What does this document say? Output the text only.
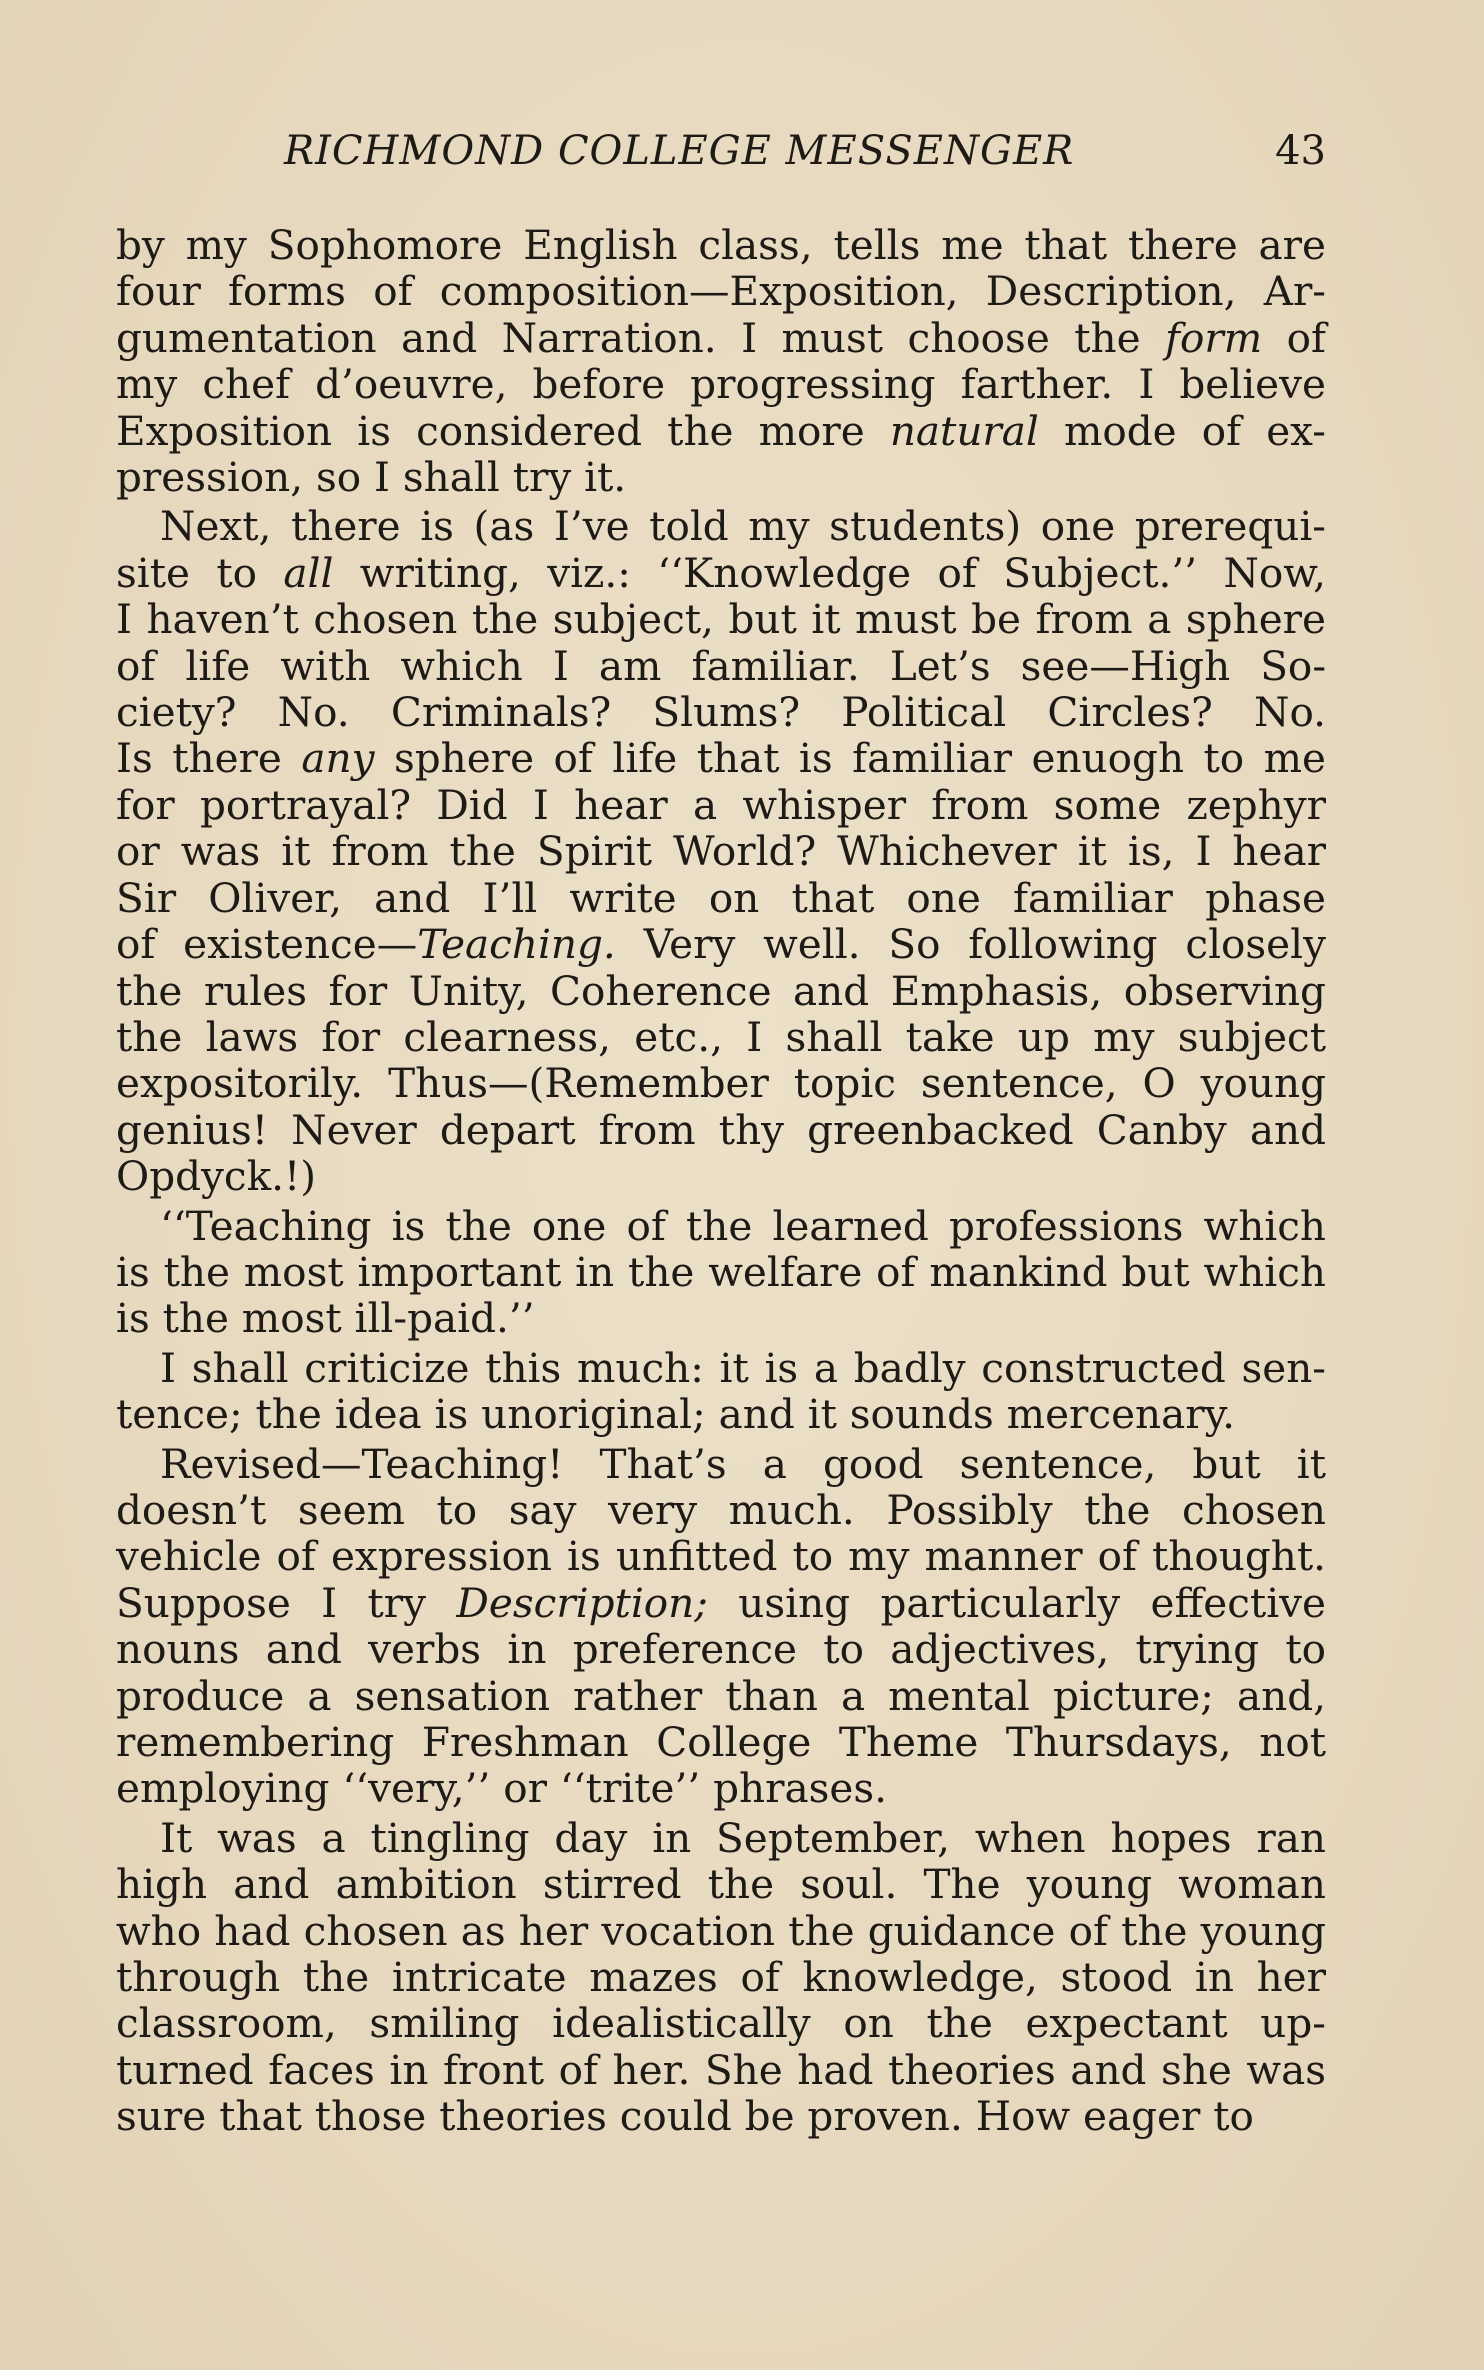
RICHMOND COLLEGE MESSENGER	43
by my Sophomore English class, tells me that there are
four forms of composition—Exposition, Description, Ar-
gumentation and Narration. I must choose the form of
my chef d’oeuvre, before progressing farther. I believe
Exposition is considered the more natural mode of ex-
pression, so I shall try it.
Next, there is (as I’ve told my students) one prerequi-
site to all writing, viz.: ‘‘Knowledge of Subject.’’ Now,
I haven’t chosen the subject, but it must be from a sphere
of life with which I am familiar. Let’s see—High So-
ciety? No. Criminals? Slums? Political Circles? No.
Is there any sphere of life that is familiar enuogh to me
for portrayal? Did I hear a whisper from some zephyr
or was it from the Spirit World? Whichever it is, I hear
Sir Oliver, and I’ll write on that one familiar phase
of existence—Teaching. Very well. So following closely
the rules for Unity, Coherence and Emphasis, observing
the laws for clearness, etc., I shall take up my subject
expositorily. Thus—(Remember topic sentence, O young
genius! Never depart from thy greenbacked Canby and
Opdyck.!)
‘‘Teaching is the one of the learned professions which
is the most important in the welfare of mankind but which
is the most ill-paid.’’
I shall criticize this much: it is a badly constructed sen-
tence; the idea is unoriginal; and it sounds mercenary.
Revised—Teaching! That’s a good sentence, but it
doesn’t seem to say very much. Possibly the chosen
vehicle of expression is unfitted to my manner of thought.
Suppose I try Description; using particularly effective
nouns and verbs in preference to adjectives, trying to
produce a sensation rather than a mental picture; and,
remembering Freshman College Theme Thursdays, not
employing ‘‘very,’’ or ‘‘trite’’ phrases.
It was a tingling day in September, when hopes ran
high and ambition stirred the soul. The young woman
who had chosen as her vocation the guidance of the young
through the intricate mazes of knowledge, stood in her
classroom, smiling idealistically on the expectant up-
turned faces in front of her. She had theories and she was
sure that those theories could be proven. How eager to
